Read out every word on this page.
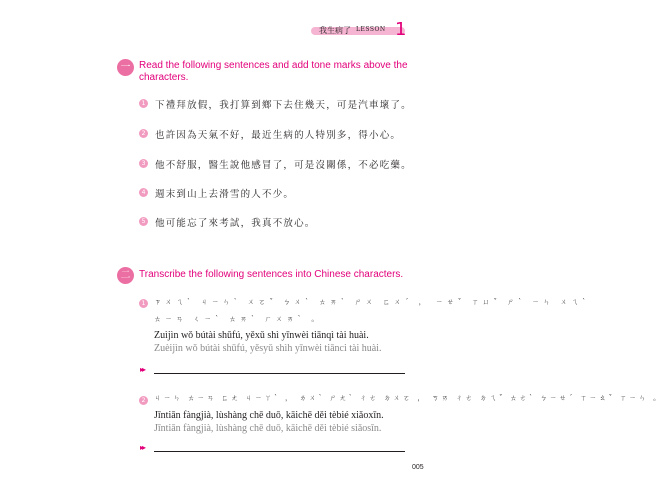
我生病了 LESSON 1
一 Read the following sentences and add tone marks above the characters.
1 下禮拜放假，我打算到鄉下去住幾天，可是汽車壞了。
2 也許因為天氣不好，最近生病的人特別多，得小心。
3 他不舒服，醫生說他感冒了，可是沒關係，不必吃藥。
4 週末到山上去滑雪的人不少。
5 他可能忘了來考試，我真不放心。
二 Transcribe the following sentences into Chinese characters.
1	ㄗㄨㄟˋ ㄐㄧㄣˋ ㄨㄛˇ ㄅㄨˋ ㄊㄞˋ ㄕㄨ ㄈㄨˊ ， ㄧㄝˇ ㄒㄩˇ ㄕˋ ㄧㄣ ㄨㄟˋ
ㄊㄧㄢ ㄑㄧˋ ㄊㄞˋ ㄏㄨㄞˋ 。
Zuìjìn wǒ bútài shūfú, yěxǔ shì yīnwèi tiānqì tài huài.
Zuèijìn wǒ bútài shūfú, yěsyǔ shìh yīnwèi tiānci tài huài.
▸▸
2	ㄐㄧㄣ ㄊㄧㄢ ㄈㄤ ㄐㄧㄚˋ ， ㄌㄨˋ ㄕㄤˋ ㄔㄜ ㄉㄨㄛ ， ㄎㄞ ㄔㄜ ㄉㄟˇ ㄊㄜˋ ㄅㄧㄝˊ ㄒㄧㄠˇ ㄒㄧㄣ 。
Jīntiān fàngjià, lùshàng chē duō, kāichē děi tèbié xiǎoxīn.
Jīntiān fàngjià, lùshàng chē duō, kāichē děi tèbié siǎosīn.
▸▸
005
